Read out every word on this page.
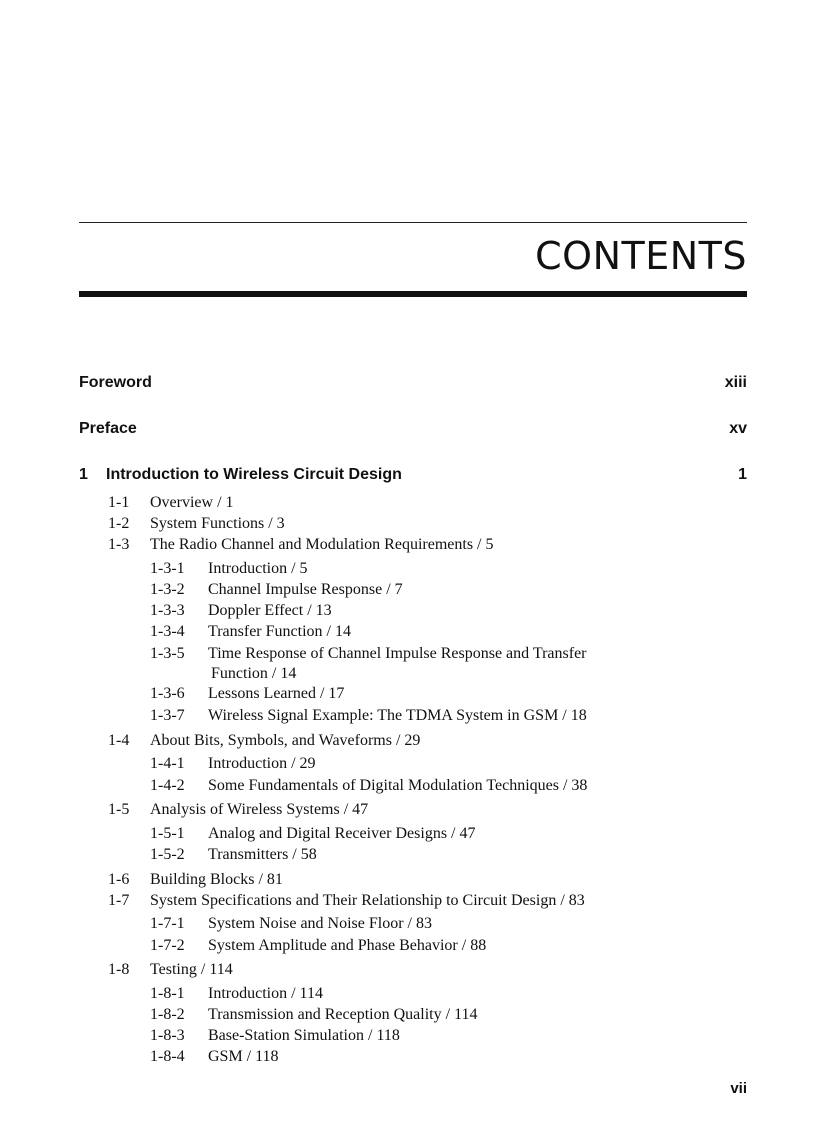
CONTENTS
Foreword	xiii
Preface	xv
1 Introduction to Wireless Circuit Design	1
1-1 Overview / 1
1-2 System Functions / 3
1-3 The Radio Channel and Modulation Requirements / 5
1-3-1 Introduction / 5
1-3-2 Channel Impulse Response / 7
1-3-3 Doppler Effect / 13
1-3-4 Transfer Function / 14
1-3-5 Time Response of Channel Impulse Response and Transfer
Function / 14
1-3-6 Lessons Learned / 17
1-3-7 Wireless Signal Example: The TDMA System in GSM / 18
1-4 About Bits, Symbols, and Waveforms / 29
1-4-1 Introduction / 29
1-4-2 Some Fundamentals of Digital Modulation Techniques / 38
1-5 Analysis of Wireless Systems / 47
1-5-1 Analog and Digital Receiver Designs / 47
1-5-2 Transmitters / 58
1-6 Building Blocks / 81
1-7 System Specifications and Their Relationship to Circuit Design / 83
1-7-1 System Noise and Noise Floor / 83
1-7-2 System Amplitude and Phase Behavior / 88
1-8 Testing / 114
1-8-1 Introduction / 114
1-8-2 Transmission and Reception Quality / 114
1-8-3 Base-Station Simulation / 118
1-8-4 GSM / 118
vii
